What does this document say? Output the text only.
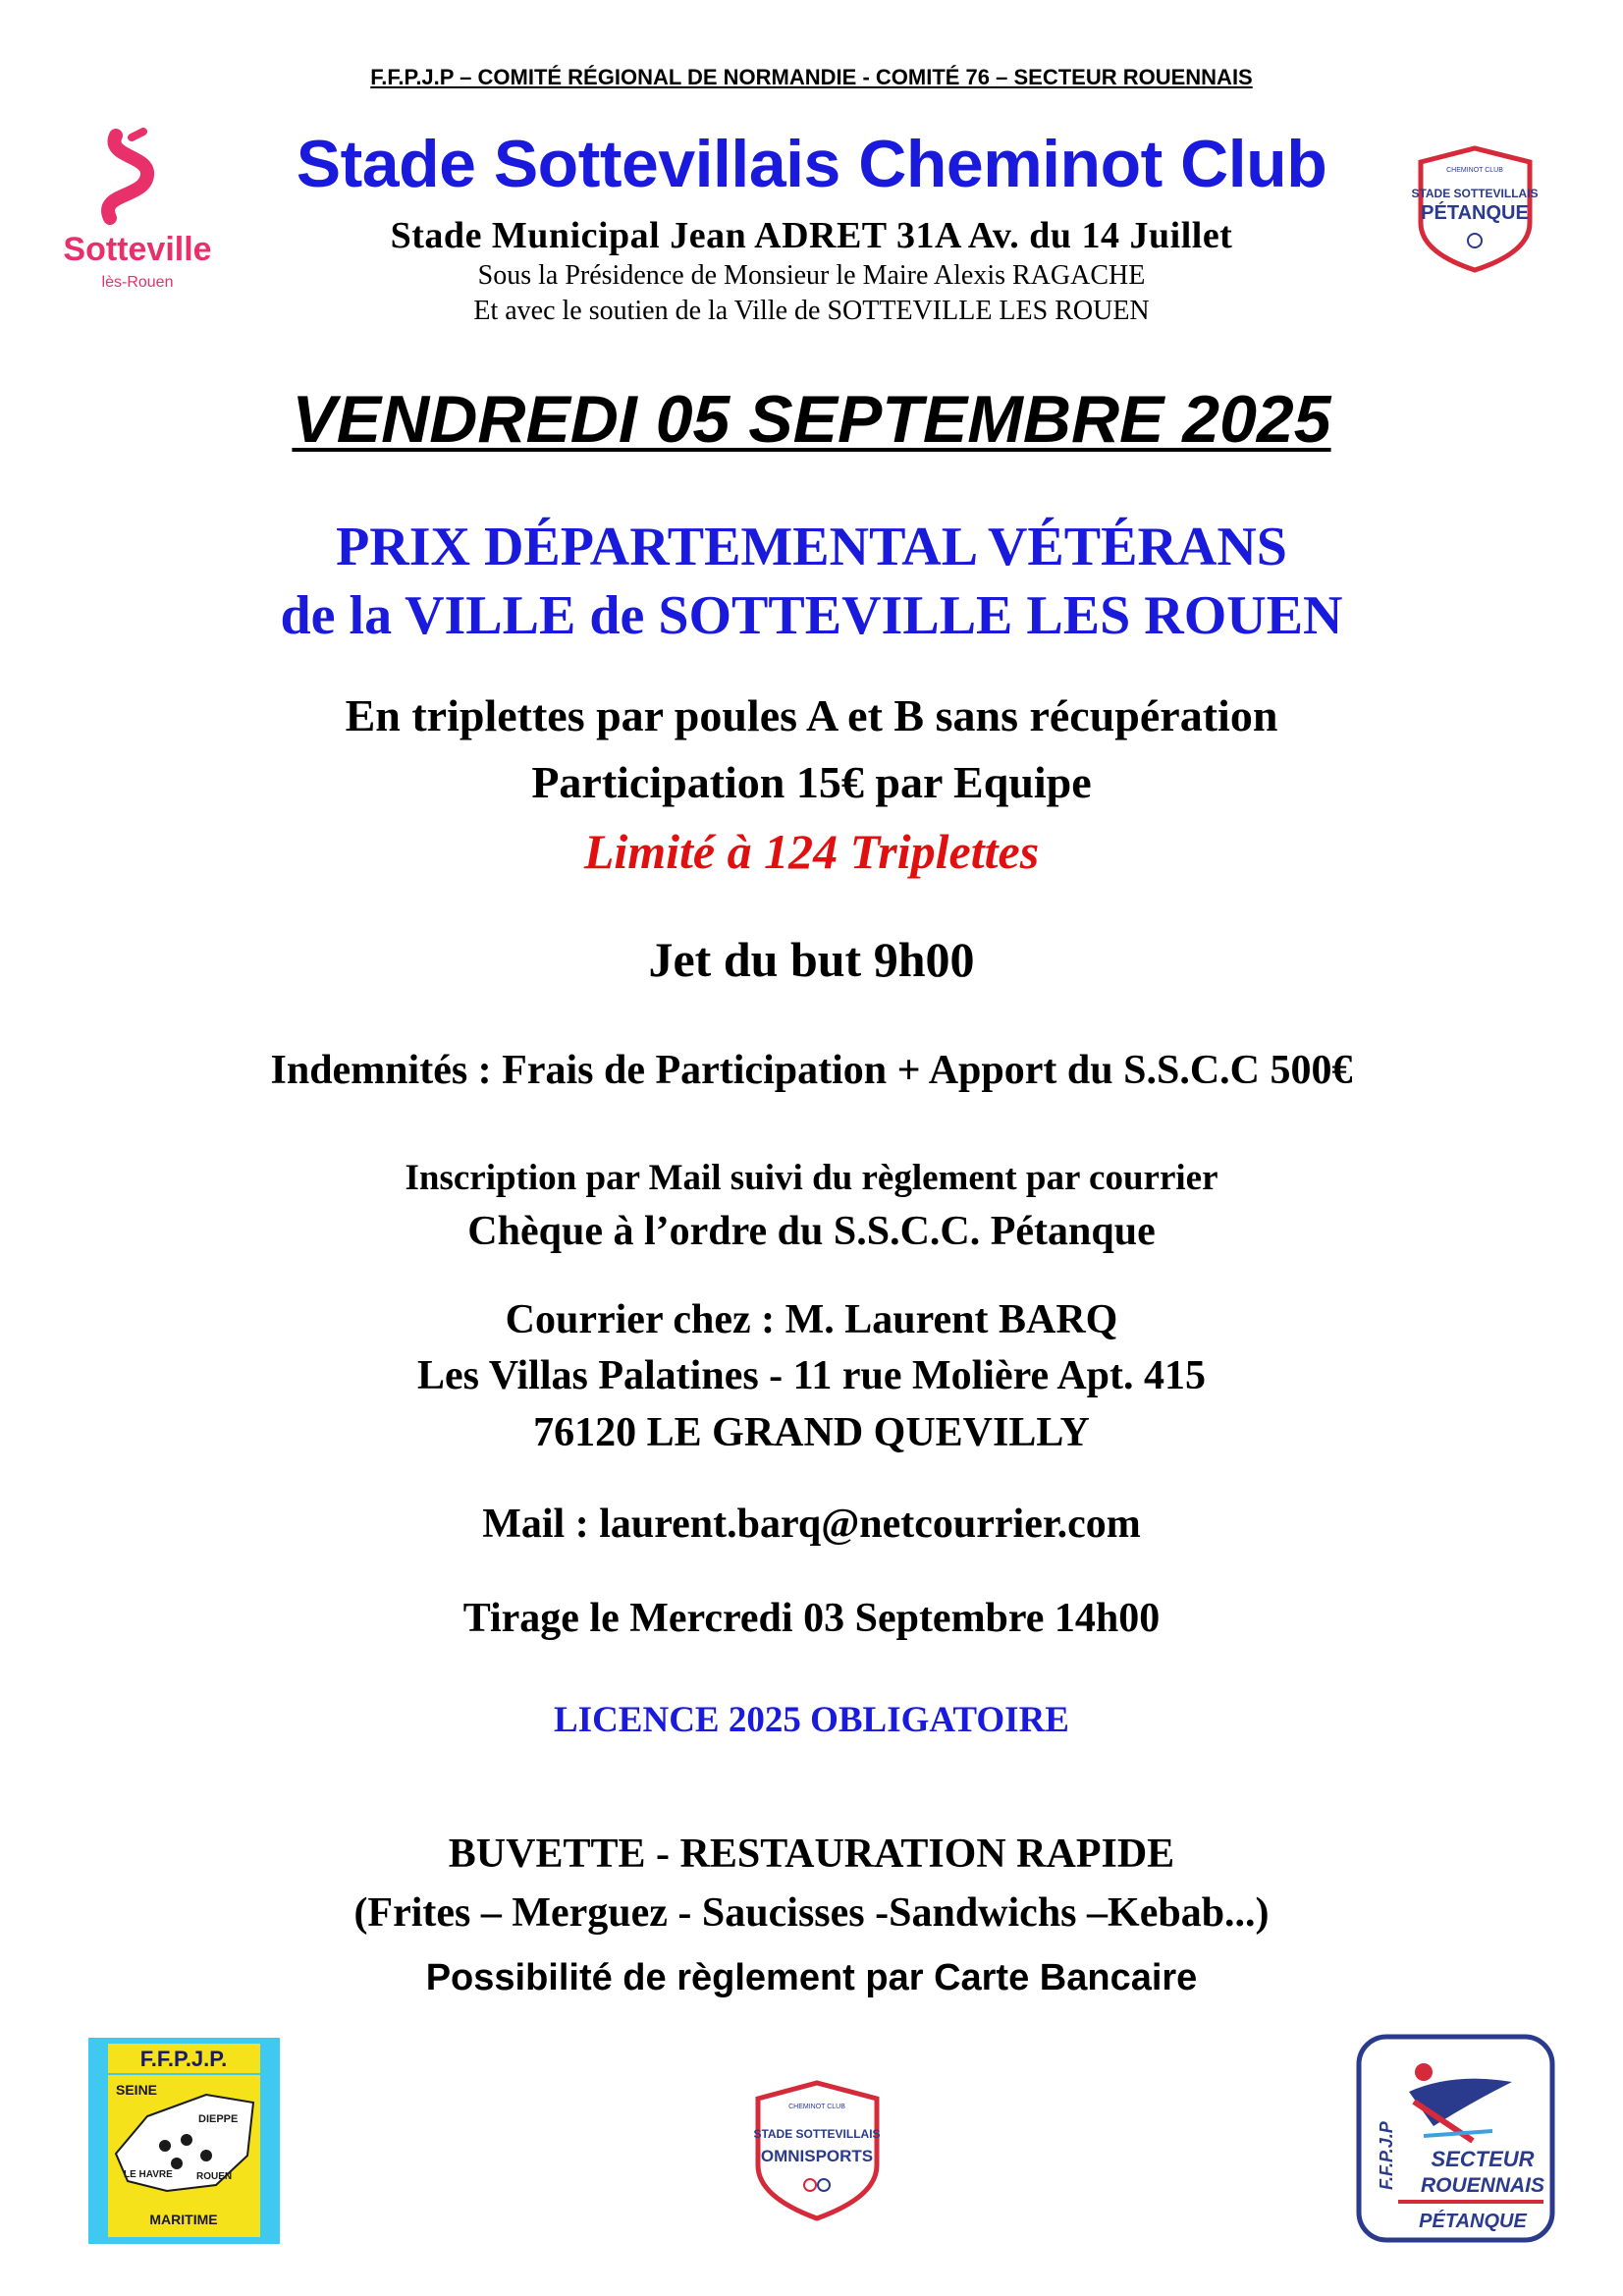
F.F.P.J.P – COMITÉ RÉGIONAL DE NORMANDIE - COMITÉ 76 – SECTEUR ROUENNAIS
Stade Sottevillais Cheminot Club
Stade Municipal Jean ADRET 31A Av. du 14 Juillet
Sous la Présidence de Monsieur le Maire Alexis RAGACHE
Et avec le soutien de la Ville de SOTTEVILLE LES ROUEN
Sotteville
lès-Rouen
CHEMINOT CLUB
STADE SOTTEVILLAIS
PÉTANQUE
VENDREDI 05 SEPTEMBRE 2025
PRIX DÉPARTEMENTAL VÉTÉRANS
de la VILLE de SOTTEVILLE LES ROUEN
En triplettes par poules A et B sans récupération
Participation 15€ par Equipe
Limité à 124 Triplettes
Jet du but 9h00
Indemnités : Frais de Participation + Apport du S.S.C.C 500€
Inscription par Mail suivi du règlement par courrier
Chèque à l’ordre du S.S.C.C. Pétanque
Courrier chez : M. Laurent BARQ
Les Villas Palatines - 11 rue Molière Apt. 415
76120 LE GRAND QUEVILLY
Mail : laurent.barq@netcourrier.com
Tirage le Mercredi 03 Septembre 14h00
LICENCE 2025 OBLIGATOIRE
BUVETTE - RESTAURATION RAPIDE
(Frites – Merguez - Saucisses -Sandwichs –Kebab...)
Possibilité de règlement par Carte Bancaire
F.F.P.J.P.
SEINE
DIEPPE
LE HAVRE ROUEN
MARITIME
CHEMINOT CLUB
STADE SOTTEVILLAIS
OMNISPORTS	F.F.P.J.P SECTEUR
ROUENNAIS
PÉTANQUE
